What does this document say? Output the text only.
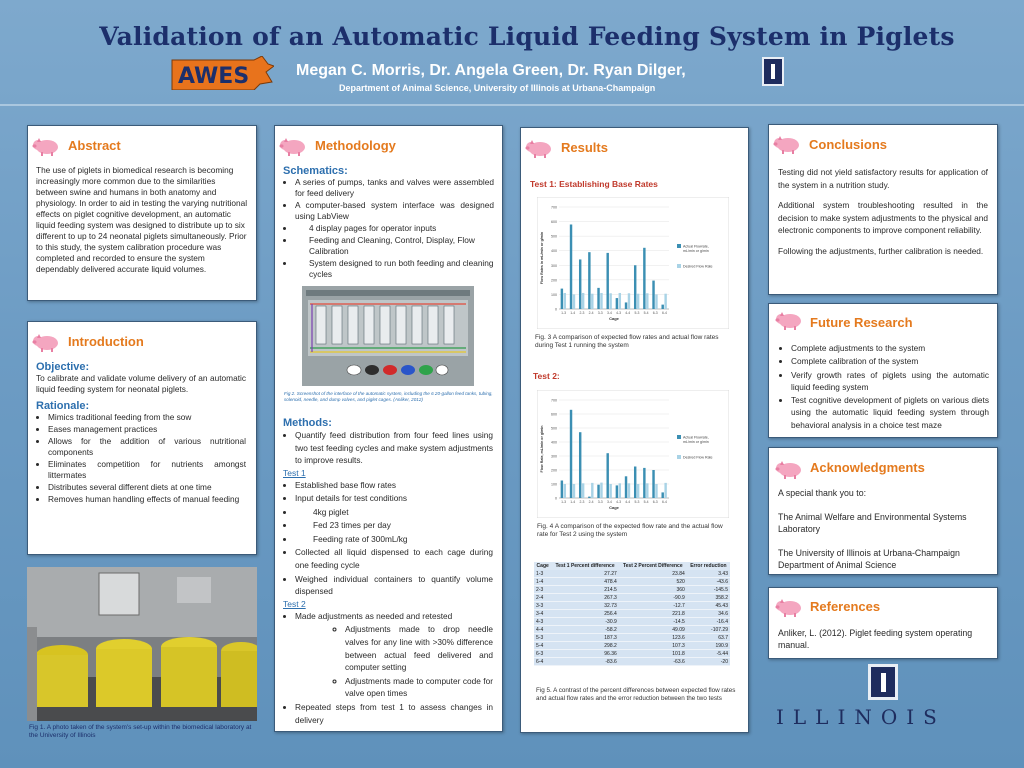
Validation of an Automatic Liquid Feeding System in Piglets
AWES	Megan C. Morris, Dr. Angela Green, Dr. Ryan Dilger,
Department of Animal Science, University of Illinois at Urbana-Champaign
Abstract
The use of piglets in biomedical research is becoming increasingly more common due to the similarities between swine and humans in both anatomy and physiology. In order to aid in testing the varying nutritional effects on piglet cognitive development, an automatic liquid feeding system was designed to distribute up to six different to up to 24 neonatal piglets simultaneously. Prior to this study, the system calibration procedure was completed and recorded to ensure the system dependably delivered accurate liquid volumes.
Introduction
Objective:
To calibrate and validate volume delivery of an automatic liquid feeding system for neonatal piglets.
Rationale:
• Mimics traditional feeding from the sow
• Eases management practices
• Allows for the addition of various nutritional components
• Eliminates competition for nutrients amongst littermates
• Distributes several different diets at one time
• Removes human handling effects of manual feeding
Fig 1. A photo taken of the system's set-up within the biomedical laboratory at the University of Illinois
Methodology
Schematics:
• A series of pumps, tanks and valves were assembled for feed delivery
• A computer-based system interface was designed using LabView
• 4 display pages for operator inputs
• Feeding and Cleaning, Control, Display, Flow Calibration
• System designed to run both feeding and cleaning cycles
Fig 2. Screenshot of the interface of the automatic system, including the 6 20-gallon feed tanks, tubing, solenoid, needle, and dump valves, and piglet cages. (Anliker, 2012)
Methods:
• Quantify feed distribution from four feed lines using two test feeding cycles and make system adjustments to improve results.
Test 1
• Established base flow rates
• Input details for test conditions
• 4kg piglet
• Fed 23 times per day
• Feeding rate of 300mL/kg
• Collected all liquid dispensed to each cage during one feeding cycle
• Weighed individual containers to quantify volume dispensed
Test 2
• Made adjustments as needed and retested
◦ Adjustments made to drop needle valves for any line with >30% difference between actual feed delivered and computer setting
◦ Adjustments made to computer code for valve open times
• Repeated steps from test 1 to assess changes in delivery
Results
Test 1: Establishing Base Rates
0
100
200
300
400
500
600
700
1-3 1-4 2-3 2-4 3-3 3-4 4-3 4-4 5-3 5-4 6-3 6-4
Cage
Flow Rates in mL/min or g/min	Actual Flowrate, mL/min or g/min
Desired Flow Rate
Fig. 3 A comparison of expected flow rates and actual flow rates during Test 1 running the system
Test 2:
0
100
200
300
400
500
600
700
1-3 1-4 2-3 2-4 3-3 3-4 4-3 4-4 5-3 5-4 6-3 6-4
Cage
Flow Rate, mL/min or g/min	Actual Flowrate, mL/min or g/min
Desired Flow Rate
Fig. 4 A comparison of the expected flow rate and the actual flow rate for Test 2 using the system
Cage	Test 1 Percent difference	Test 2 Percent Difference	Error reduction
1-3	27.27	23.84	3.43
1-4	478.4	520	-43.6
2-3	214.5	360	-145.5
2-4	267.3	-90.9	358.2
3-3	32.73	-12.7	45.43
3-4	256.4	221.8	34.6
4-3	-30.9	-14.5	-16.4
4-4	-58.2	49.09	-107.29
5-3	187.3	123.6	63.7
5-4	298.2	107.3	190.9
6-3	96.36	101.8	-5.44
6-4	-83.6	-63.6	-20
Fig 5. A contrast of the percent differences between expected flow rates and actual flow rates and the error reduction between the two tests
Conclusions
Testing did not yield satisfactory results for application of the system in a nutrition study.
Additional system troubleshooting resulted in the decision to make system adjustments to the physical and electronic components to improve component reliability.
Following the adjustments, further calibration is needed.
Future Research
• Complete adjustments to the system
• Complete calibration of the system
• Verify growth rates of piglets using the automatic liquid feeding system
• Test cognitive development of piglets on various diets using the automatic liquid feeding system through behavioral analysis in a choice test maze
Acknowledgments
A special thank you to:
The Animal Welfare and Environmental Systems Laboratory
The University of Illinois at Urbana-Champaign Department of Animal Science
References
Anliker, L. (2012). Piglet feeding system operating manual.
ILLINOIS
